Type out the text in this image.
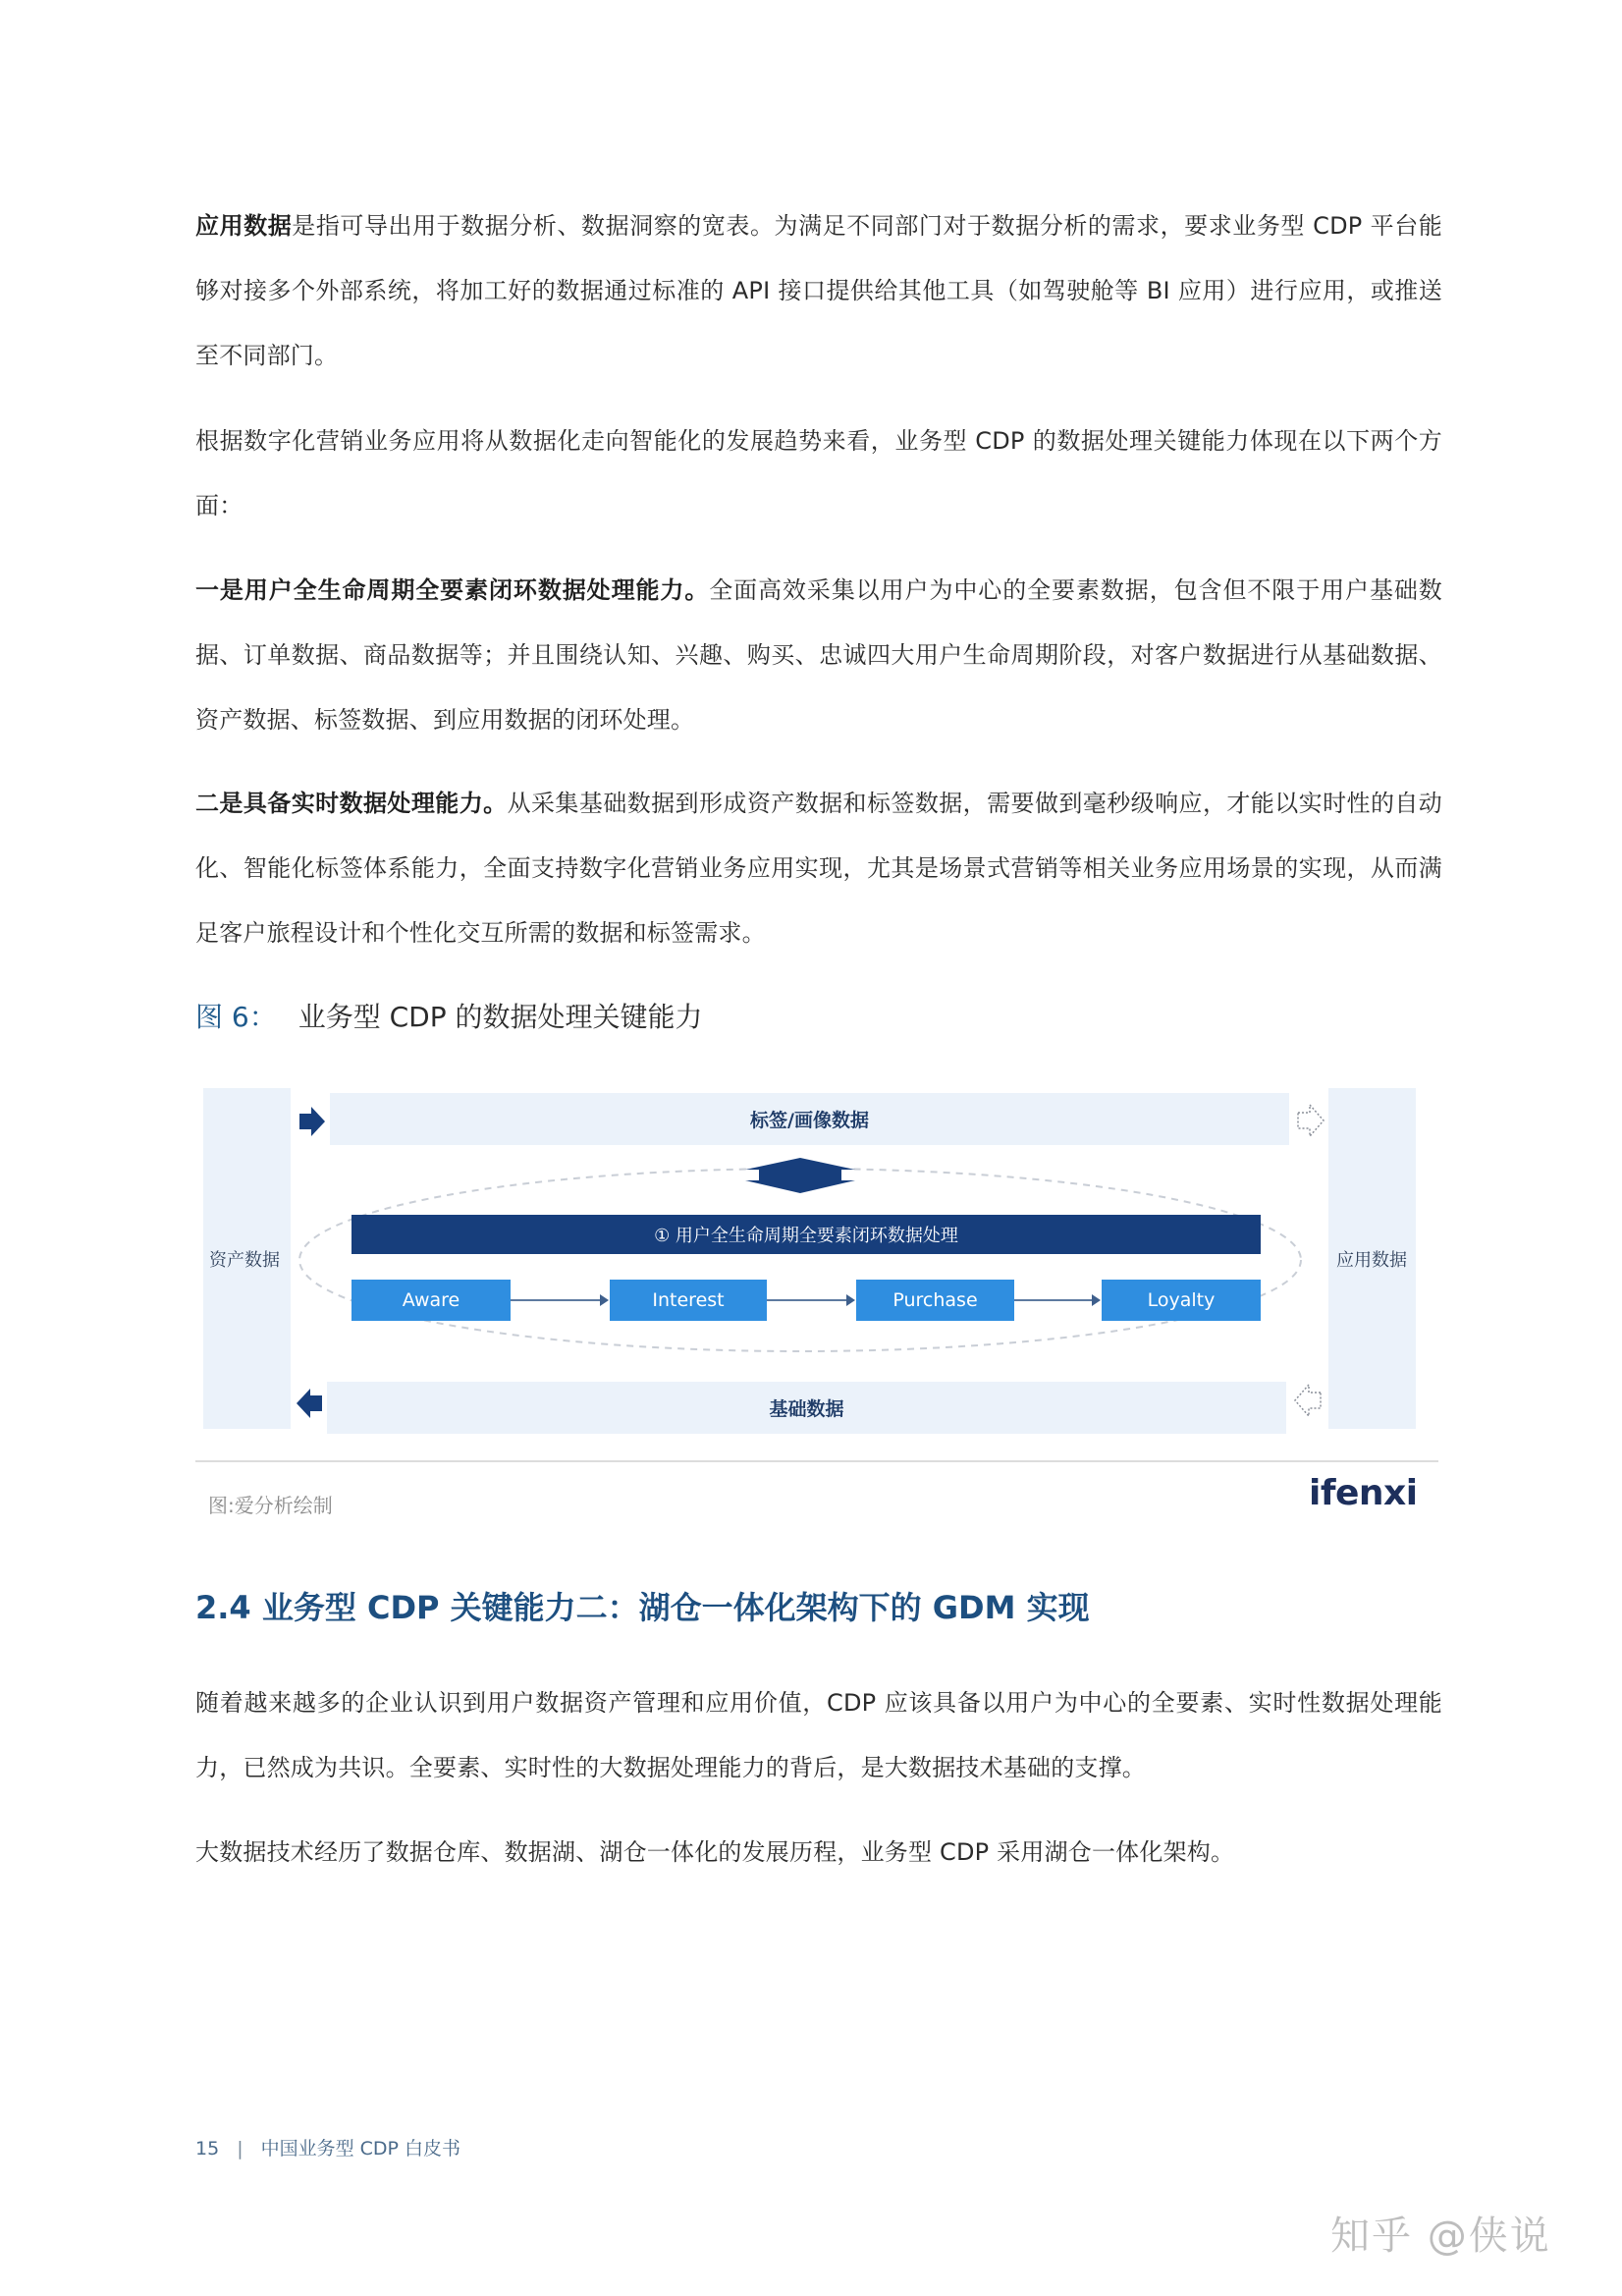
应用数据是指可导出用于数据分析、数据洞察的宽表。为满足不同部门对于数据分析的需求，要求业务型 CDP 平台能够对接多个外部系统，将加工好的数据通过标准的 API 接口提供给其他工具（如驾驶舱等 BI 应用）进行应用，或推送至不同部门。

根据数字化营销业务应用将从数据化走向智能化的发展趋势来看，业务型 CDP 的数据处理关键能力体现在以下两个方面：

一是用户全生命周期全要素闭环数据处理能力。全面高效采集以用户为中心的全要素数据，包含但不限于用户基础数据、订单数据、商品数据等；并且围绕认知、兴趣、购买、忠诚四大用户生命周期阶段，对客户数据进行从基础数据、资产数据、标签数据、到应用数据的闭环处理。

二是具备实时数据处理能力。从采集基础数据到形成资产数据和标签数据，需要做到毫秒级响应，才能以实时性的自动化、智能化标签体系能力，全面支持数字化营销业务应用实现，尤其是场景式营销等相关业务应用场景的实现，从而满足客户旅程设计和个性化交互所需的数据和标签需求。

图 6： 业务型 CDP 的数据处理关键能力
资产数据	应用数据
标签/画像数据
基础数据
① 用户全生命周期全要素闭环数据处理
Aware	Interest	Purchase	Loyalty
图:爱分析绘制	ifenxi
2.4 业务型 CDP 关键能力二：湖仓一体化架构下的 GDM 实现

随着越来越多的企业认识到用户数据资产管理和应用价值，CDP 应该具备以用户为中心的全要素、实时性数据处理能力，已然成为共识。全要素、实时性的大数据处理能力的背后，是大数据技术基础的支撑。

大数据技术经历了数据仓库、数据湖、湖仓一体化的发展历程，业务型 CDP 采用湖仓一体化架构。

15 | 中国业务型 CDP 白皮书
知乎 @侠说
